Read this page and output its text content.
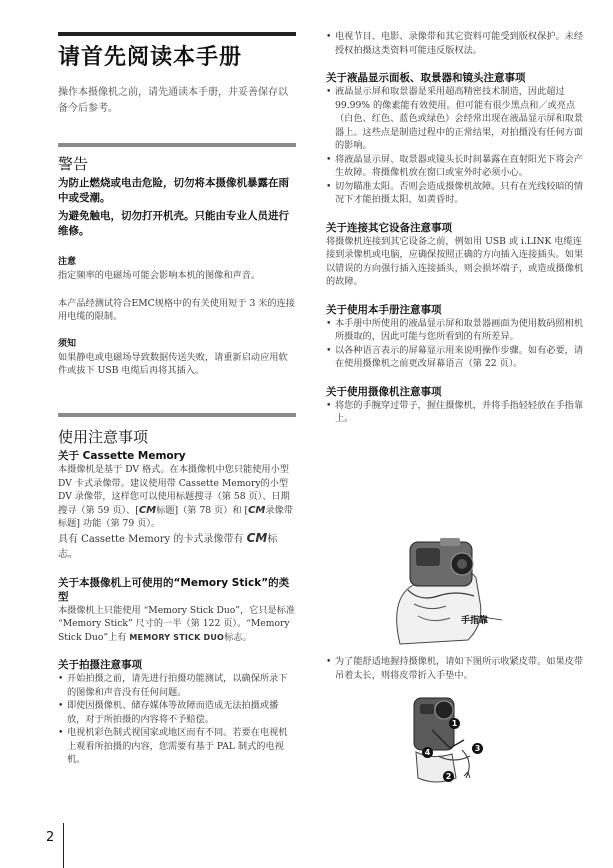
请首先阅读本手册

操作本摄像机之前，请先通读本手册，并妥善保存以备今后参考。

警告

为防止燃烧或电击危险，切勿将本摄像机暴露在雨中或受潮。

为避免触电，切勿打开机壳。只能由专业人员进行维修。

注意

指定频率的电磁场可能会影响本机的图像和声音。

本产品经测试符合EMC规格中的有关使用短于 3 米的连接用电缆的限制。

须知

如果静电或电磁场导致数据传送失败，请重新启动应用软件或拔下 USB 电缆后再将其插入。

使用注意事项
关于 Cassette Memory

本摄像机是基于 DV 格式。在本摄像机中您只能使用小型 DV 卡式录像带。建议使用带 Cassette Memory的小型 DV 录像带，这样您可以使用标题搜寻（第 58 页）、日期搜寻（第 59 页）、[CM标题]（第 78 页）和 [CM录像带标题] 功能（第 79 页）。

具有 Cassette Memory 的卡式录像带有 CM标志。

关于本摄像机上可使用的“Memory Stick”的类型

本摄像机上只能使用 “Memory Stick Duo”，它只是标准 “Memory Stick” 尺寸的一半（第 122 页）。“Memory Stick Duo”上有 MEMORY STICK DUO标志。

关于拍摄注意事项
• 开始拍摄之前，请先进行拍摄功能测试，以确保所录下的图像和声音没有任何问题。
• 即使因摄像机、储存媒体等故障而造成无法拍摄或播放，对于所拍摄的内容将不予赔偿。
• 电视机彩色制式视国家或地区而有不同。若要在电视机上观看所拍摄的内容，您需要有基于 PAL 制式的电视机。
• 电视节目、电影、录像带和其它资料可能受到版权保护。未经授权拍摄这类资料可能违反版权法。
关于液晶显示面板、取景器和镜头注意事项
• 液晶显示屏和取景器是采用超高精密技术制造，因此超过 99.99% 的像素能有效使用。但可能有很少黑点和／或亮点（白色、红色、蓝色或绿色）会经常出现在液晶显示屏和取景器上。这些点是制造过程中的正常结果，对拍摄没有任何方面的影响。
• 将液晶显示屏、取景器或镜头长时间暴露在直射阳光下将会产生故障。将摄像机放在窗口或室外时必须小心。
• 切勿瞄准太阳。否则会造成摄像机故障。只有在光线较暗的情况下才能拍摄太阳，如黄昏时。
关于连接其它设备注意事项

将摄像机连接到其它设备之前，例如用 USB 或 i.LINK 电缆连接到录像机或电脑，应确保按照正确的方向插入连接插头。如果以错误的方向强行插入连接插头，则会损坏端子，或造成摄像机的故障。

关于使用本手册注意事项
• 本手册中所使用的液晶显示屏和取景器画面为使用数码照相机所摄取的，因此可能与您所看到的有所差异。
• 以各种语言表示的屏幕显示用来说明操作步骤。如有必要，请在使用摄像机之前更改屏幕语言（第 22 页）。
关于使用摄像机注意事项
• 将您的手腕穿过带子，握住摄像机，并将手指轻轻放在手指靠上。
手指靠
• 为了能舒适地握持摄像机，请如下图所示收紧皮带。如果皮带吊着太长，则将皮带折入手垫中。
1
2
3
4
2
